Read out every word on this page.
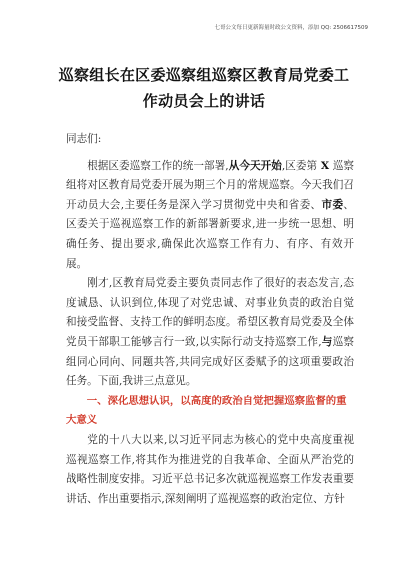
七哥公文每日更新海量时政公文资料，添加 QQ: 2506617509
巡察组长在区委巡察组巡察区教育局党委工
作动员会上的讲话

同志们:

根据区委巡察工作的统一部署,从今天开始,区委第 X 巡察组将对区教育局党委开展为期三个月的常规巡察。今天我们召开动员大会,主要任务是深入学习贯彻党中央和省委、市委、区委关于巡视巡察工作的新部署新要求,进一步统一思想、明确任务、提出要求,确保此次巡察工作有力、有序、有效开展。

刚才,区教育局党委主要负责同志作了很好的表态发言,态度诚恳、认识到位,体现了对党忠诚、对事业负责的政治自觉和接受监督、支持工作的鲜明态度。希望区教育局党委及全体党员干部职工能够言行一致,以实际行动支持巡察工作,与巡察组同心同向、同题共答,共同完成好区委赋予的这项重要政治任务。下面,我讲三点意见。

一、深化思想认识，以高度的政治自觉把握巡察监督的重大意义

党的十八大以来,以习近平同志为核心的党中央高度重视巡视巡察工作,将其作为推进党的自我革命、全面从严治党的战略性制度安排。习近平总书记多次就巡视巡察工作发表重要讲话、作出重要指示,深刻阐明了巡视巡察的政治定位、方针
